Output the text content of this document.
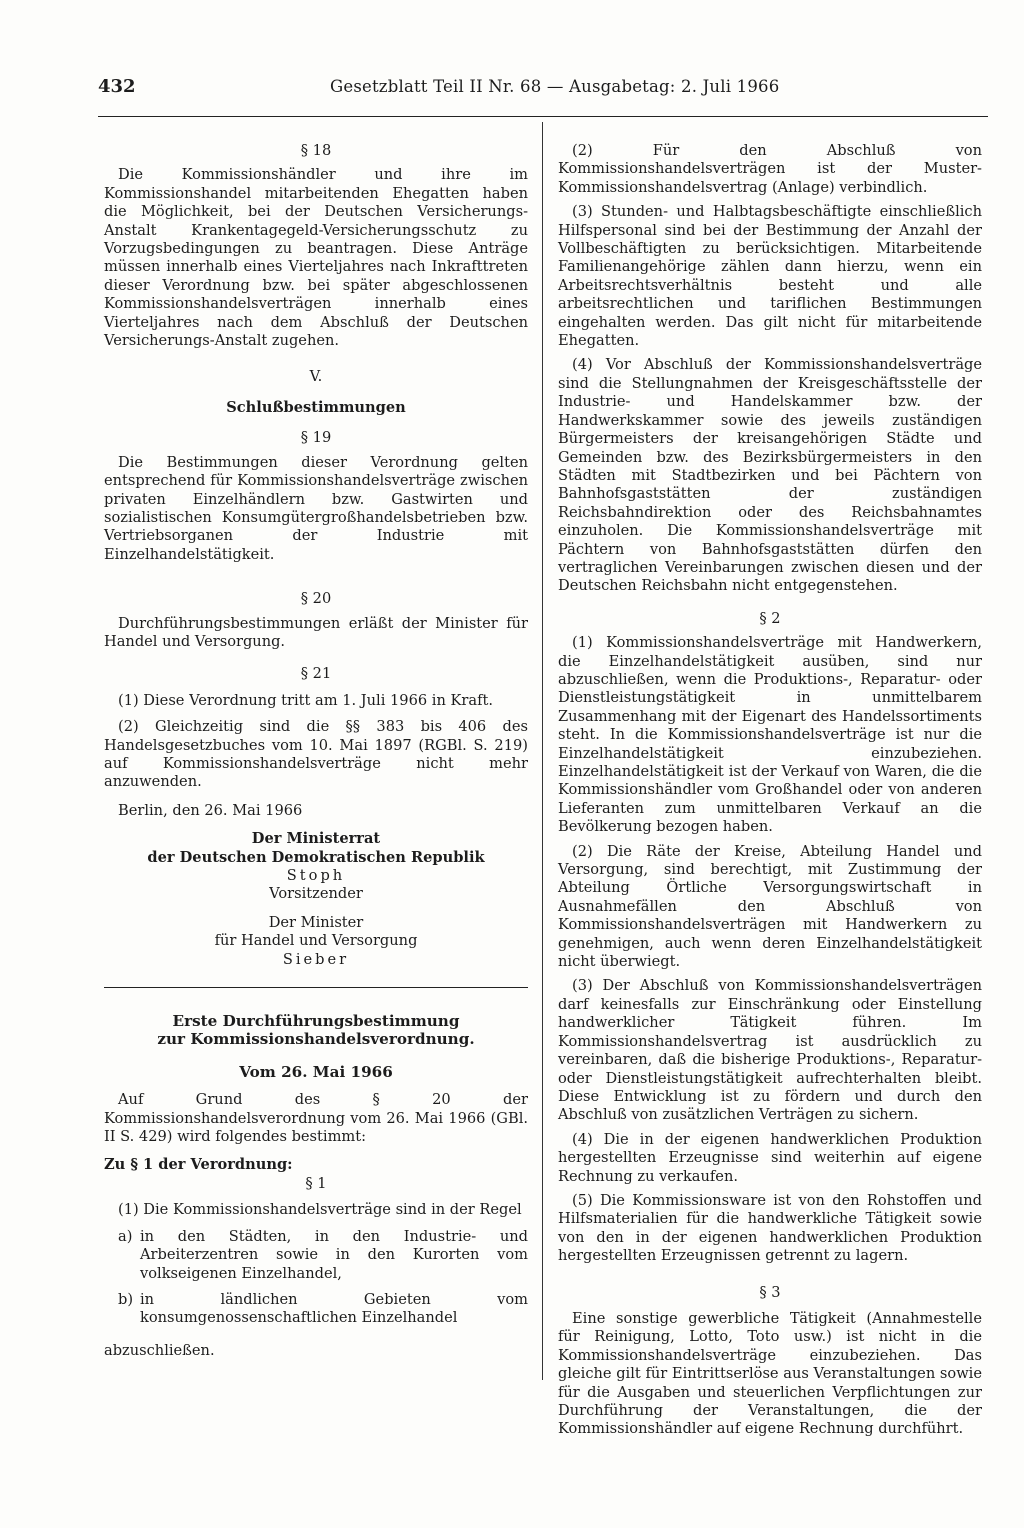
432	Gesetzblatt Teil II Nr. 68 — Ausgabetag: 2. Juli 1966

§ 18

Die Kommissionshändler und ihre im Kommissionshandel mitarbeitenden Ehegatten haben die Möglichkeit, bei der Deutschen Versicherungs-Anstalt Krankentagegeld-Versicherungsschutz zu Vorzugsbedingungen zu beantragen. Diese Anträge müssen innerhalb eines Vierteljahres nach Inkrafttreten dieser Verordnung bzw. bei später abgeschlossenen Kommissionshandelsverträgen innerhalb eines Vierteljahres nach dem Abschluß der Deutschen Versicherungs-Anstalt zugehen.

V.

Schlußbestimmungen

§ 19

Die Bestimmungen dieser Verordnung gelten entsprechend für Kommissionshandelsverträge zwischen privaten Einzelhändlern bzw. Gastwirten und sozialistischen Konsumgütergroßhandelsbetrieben bzw. Vertriebsorganen der Industrie mit Einzelhandelstätigkeit.

§ 20

Durchführungsbestimmungen erläßt der Minister für Handel und Versorgung.

§ 21

(1) Diese Verordnung tritt am 1. Juli 1966 in Kraft.

(2) Gleichzeitig sind die §§ 383 bis 406 des Handelsgesetzbuches vom 10. Mai 1897 (RGBl. S. 219) auf Kommissionshandelsverträge nicht mehr anzuwenden.

Berlin, den 26. Mai 1966

Der Ministerrat

der Deutschen Demokratischen Republik

Stoph

Vorsitzender

Der Minister

für Handel und Versorgung

Sieber

Erste Durchführungsbestimmung

zur Kommissionshandelsverordnung.

Vom 26. Mai 1966

Auf Grund des § 20 der Kommissionshandelsverordnung vom 26. Mai 1966 (GBl. II S. 429) wird folgendes bestimmt:

Zu § 1 der Verordnung:

§ 1

(1) Die Kommissionshandelsverträge sind in der Regel

a) in den Städten, in den Industrie- und Arbeiterzentren sowie in den Kurorten vom volkseigenen Einzelhandel,
b) in ländlichen Gebieten vom konsumgenossenschaftlichen Einzelhandel

abzuschließen.

(2) Für den Abschluß von Kommissionshandelsverträgen ist der Muster-Kommissionshandelsvertrag (Anlage) verbindlich.

(3) Stunden- und Halbtagsbeschäftigte einschließlich Hilfspersonal sind bei der Bestimmung der Anzahl der Vollbeschäftigten zu berücksichtigen. Mitarbeitende Familienangehörige zählen dann hierzu, wenn ein Arbeitsrechtsverhältnis besteht und alle arbeitsrechtlichen und tariflichen Bestimmungen eingehalten werden. Das gilt nicht für mitarbeitende Ehegatten.

(4) Vor Abschluß der Kommissionshandelsverträge sind die Stellungnahmen der Kreisgeschäftsstelle der Industrie- und Handelskammer bzw. der Handwerkskammer sowie des jeweils zuständigen Bürgermeisters der kreisangehörigen Städte und Gemeinden bzw. des Bezirksbürgermeisters in den Städten mit Stadtbezirken und bei Pächtern von Bahnhofsgaststätten der zuständigen Reichsbahndirektion oder des Reichsbahnamtes einzuholen. Die Kommissionshandelsverträge mit Pächtern von Bahnhofsgaststätten dürfen den vertraglichen Vereinbarungen zwischen diesen und der Deutschen Reichsbahn nicht entgegenstehen.

§ 2

(1) Kommissionshandelsverträge mit Handwerkern, die Einzelhandelstätigkeit ausüben, sind nur abzuschließen, wenn die Produktions-, Reparatur- oder Dienstleistungstätigkeit in unmittelbarem Zusammenhang mit der Eigenart des Handelssortiments steht. In die Kommissionshandelsverträge ist nur die Einzelhandelstätigkeit einzubeziehen. Einzelhandelstätigkeit ist der Verkauf von Waren, die die Kommissionshändler vom Großhandel oder von anderen Lieferanten zum unmittelbaren Verkauf an die Bevölkerung bezogen haben.

(2) Die Räte der Kreise, Abteilung Handel und Versorgung, sind berechtigt, mit Zustimmung der Abteilung Örtliche Versorgungswirtschaft in Ausnahmefällen den Abschluß von Kommissionshandelsverträgen mit Handwerkern zu genehmigen, auch wenn deren Einzelhandelstätigkeit nicht überwiegt.

(3) Der Abschluß von Kommissionshandelsverträgen darf keinesfalls zur Einschränkung oder Einstellung handwerklicher Tätigkeit führen. Im Kommissionshandelsvertrag ist ausdrücklich zu vereinbaren, daß die bisherige Produktions-, Reparatur- oder Dienstleistungstätigkeit aufrechterhalten bleibt. Diese Entwicklung ist zu fördern und durch den Abschluß von zusätzlichen Verträgen zu sichern.

(4) Die in der eigenen handwerklichen Produktion hergestellten Erzeugnisse sind weiterhin auf eigene Rechnung zu verkaufen.

(5) Die Kommissionsware ist von den Rohstoffen und Hilfsmaterialien für die handwerkliche Tätigkeit sowie von den in der eigenen handwerklichen Produktion hergestellten Erzeugnissen getrennt zu lagern.

§ 3

Eine sonstige gewerbliche Tätigkeit (Annahmestelle für Reinigung, Lotto, Toto usw.) ist nicht in die Kommissionshandelsverträge einzubeziehen. Das gleiche gilt für Eintrittserlöse aus Veranstaltungen sowie für die Ausgaben und steuerlichen Verpflichtungen zur Durchführung der Veranstaltungen, die der Kommissionshändler auf eigene Rechnung durchführt.
